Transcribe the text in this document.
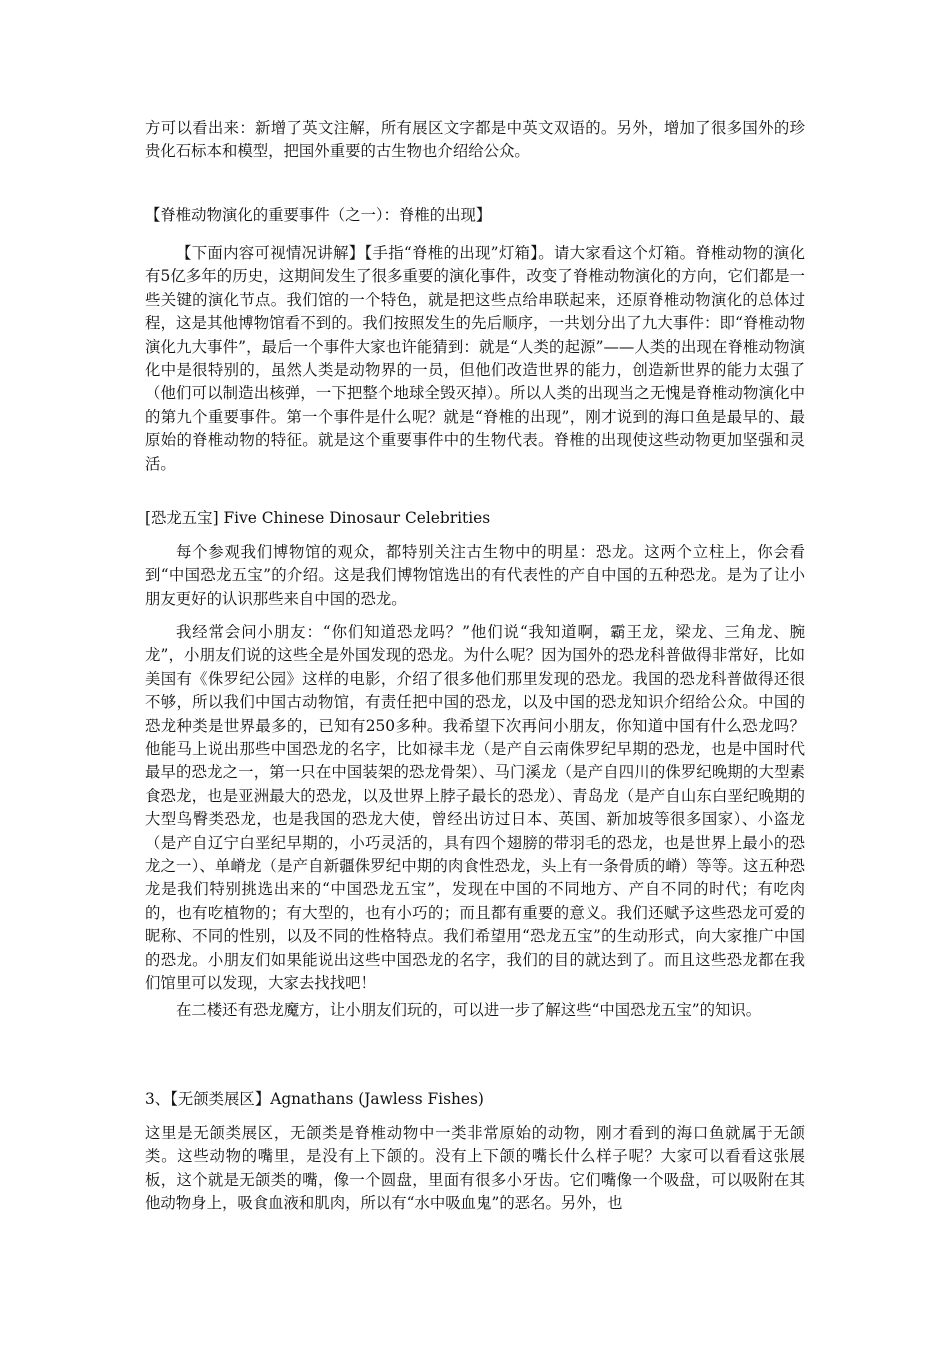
方可以看出来：新增了英文注解，所有展区文字都是中英文双语的。另外，增加了很多国外的珍贵化石标本和模型，把国外重要的古生物也介绍给公众。

【脊椎动物演化的重要事件（之一）：脊椎的出现】

【下面内容可视情况讲解】【手指“脊椎的出现”灯箱】。请大家看这个灯箱。脊椎动物的演化有5亿多年的历史，这期间发生了很多重要的演化事件，改变了脊椎动物演化的方向，它们都是一些关键的演化节点。我们馆的一个特色，就是把这些点给串联起来，还原脊椎动物演化的总体过程，这是其他博物馆看不到的。我们按照发生的先后顺序，一共划分出了九大事件：即“脊椎动物演化九大事件”，最后一个事件大家也许能猜到：就是“人类的起源”——人类的出现在脊椎动物演化中是很特别的，虽然人类是动物界的一员，但他们改造世界的能力，创造新世界的能力太强了（他们可以制造出核弹，一下把整个地球全毁灭掉）。所以人类的出现当之无愧是脊椎动物演化中的第九个重要事件。第一个事件是什么呢？就是“脊椎的出现”，刚才说到的海口鱼是最早的、最原始的脊椎动物的特征。就是这个重要事件中的生物代表。脊椎的出现使这些动物更加坚强和灵活。

[恐龙五宝] Five Chinese Dinosaur Celebrities

每个参观我们博物馆的观众，都特别关注古生物中的明星：恐龙。这两个立柱上，你会看到“中国恐龙五宝”的介绍。这是我们博物馆选出的有代表性的产自中国的五种恐龙。是为了让小朋友更好的认识那些来自中国的恐龙。

我经常会问小朋友：“你们知道恐龙吗？”他们说“我知道啊，霸王龙，梁龙、三角龙、腕龙”，小朋友们说的这些全是外国发现的恐龙。为什么呢？因为国外的恐龙科普做得非常好，比如美国有《侏罗纪公园》这样的电影，介绍了很多他们那里发现的恐龙。我国的恐龙科普做得还很不够，所以我们中国古动物馆，有责任把中国的恐龙，以及中国的恐龙知识介绍给公众。中国的恐龙种类是世界最多的，已知有250多种。我希望下次再问小朋友，你知道中国有什么恐龙吗？他能马上说出那些中国恐龙的名字，比如禄丰龙（是产自云南侏罗纪早期的恐龙，也是中国时代最早的恐龙之一，第一只在中国装架的恐龙骨架）、马门溪龙（是产自四川的侏罗纪晚期的大型素食恐龙，也是亚洲最大的恐龙，以及世界上脖子最长的恐龙）、青岛龙（是产自山东白垩纪晚期的大型鸟臀类恐龙，也是我国的恐龙大使，曾经出访过日本、英国、新加坡等很多国家）、小盗龙（是产自辽宁白垩纪早期的，小巧灵活的，具有四个翅膀的带羽毛的恐龙，也是世界上最小的恐龙之一）、单嵴龙（是产自新疆侏罗纪中期的肉食性恐龙，头上有一条骨质的嵴）等等。这五种恐龙是我们特别挑选出来的“中国恐龙五宝”，发现在中国的不同地方、产自不同的时代；有吃肉的，也有吃植物的；有大型的，也有小巧的；而且都有重要的意义。我们还赋予这些恐龙可爱的昵称、不同的性别，以及不同的性格特点。我们希望用“恐龙五宝”的生动形式，向大家推广中国的恐龙。小朋友们如果能说出这些中国恐龙的名字，我们的目的就达到了。而且这些恐龙都在我们馆里可以发现，大家去找找吧！

在二楼还有恐龙魔方，让小朋友们玩的，可以进一步了解这些“中国恐龙五宝”的知识。

3、【无颌类展区】Agnathans (Jawless Fishes)

这里是无颌类展区，无颌类是脊椎动物中一类非常原始的动物，刚才看到的海口鱼就属于无颌类。这些动物的嘴里，是没有上下颌的。没有上下颌的嘴长什么样子呢？大家可以看看这张展板，这个就是无颌类的嘴，像一个圆盘，里面有很多小牙齿。它们嘴像一个吸盘，可以吸附在其他动物身上，吸食血液和肌肉，所以有“水中吸血鬼”的恶名。另外，也
